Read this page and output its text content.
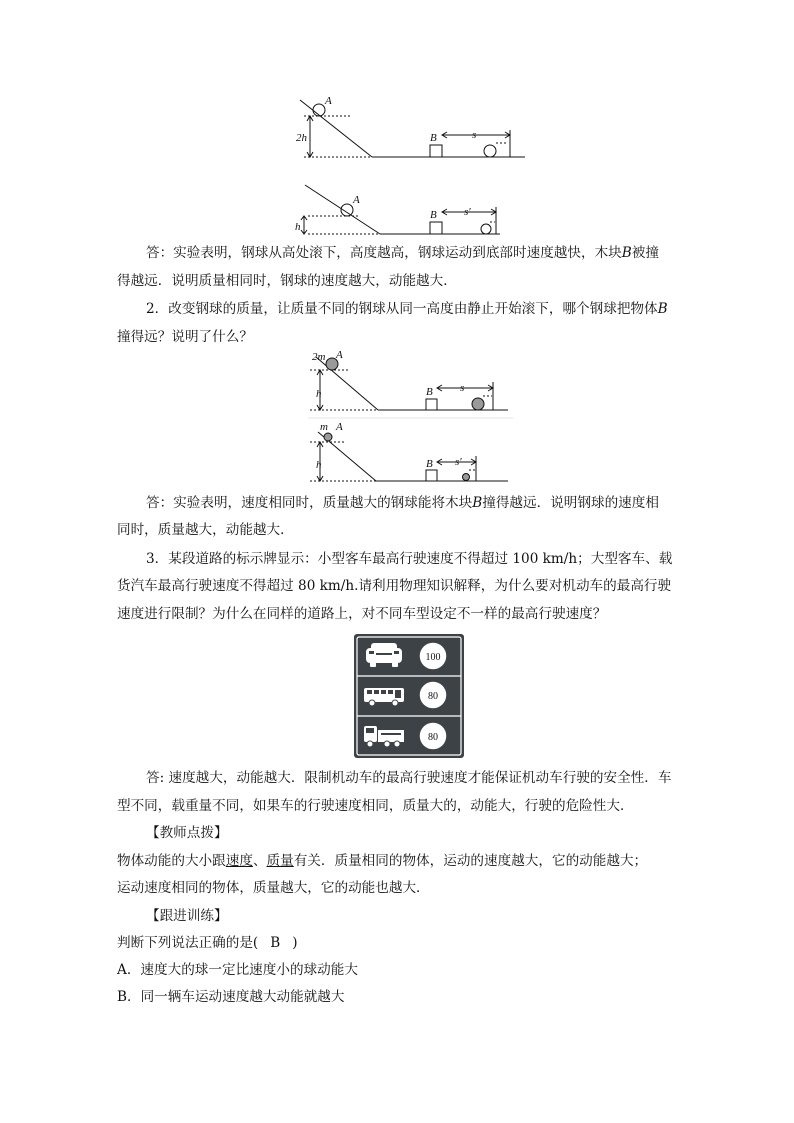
A
2h	B	s
A
h
B s′
答：实验表明，钢球从高处滚下，高度越高，钢球运动到底部时速度越快，木块B被撞
得越远．说明质量相同时，钢球的速度越大，动能越大．
2．改变钢球的质量，让质量不同的钢球从同一高度由静止开始滚下，哪个钢球把物体B
撞得远？说明了什么？
2m A
h	B s
m A
h	B s′
答：实验表明，速度相同时，质量越大的钢球能将木块B撞得越远．说明钢球的速度相
同时，质量越大，动能越大．
3．某段道路的标示牌显示：小型客车最高行驶速度不得超过 100 km/h；大型客车、载
货汽车最高行驶速度不得超过 80 km/h.请利用物理知识解释，为什么要对机动车的最高行驶
速度进行限制？为什么在同样的道路上，对不同车型设定不一样的最高行驶速度？
100
80
80
答: 速度越大，动能越大．限制机动车的最高行驶速度才能保证机动车行驶的安全性．车
型不同，载重量不同，如果车的行驶速度相同，质量大的，动能大，行驶的危险性大．
【教师点拨】
物体动能的大小跟速度、质量有关．质量相同的物体，运动的速度越大，它的动能越大；
运动速度相同的物体，质量越大，它的动能也越大．
【跟进训练】
判断下列说法正确的是( B )
A．速度大的球一定比速度小的球动能大
B．同一辆车运动速度越大动能就越大
